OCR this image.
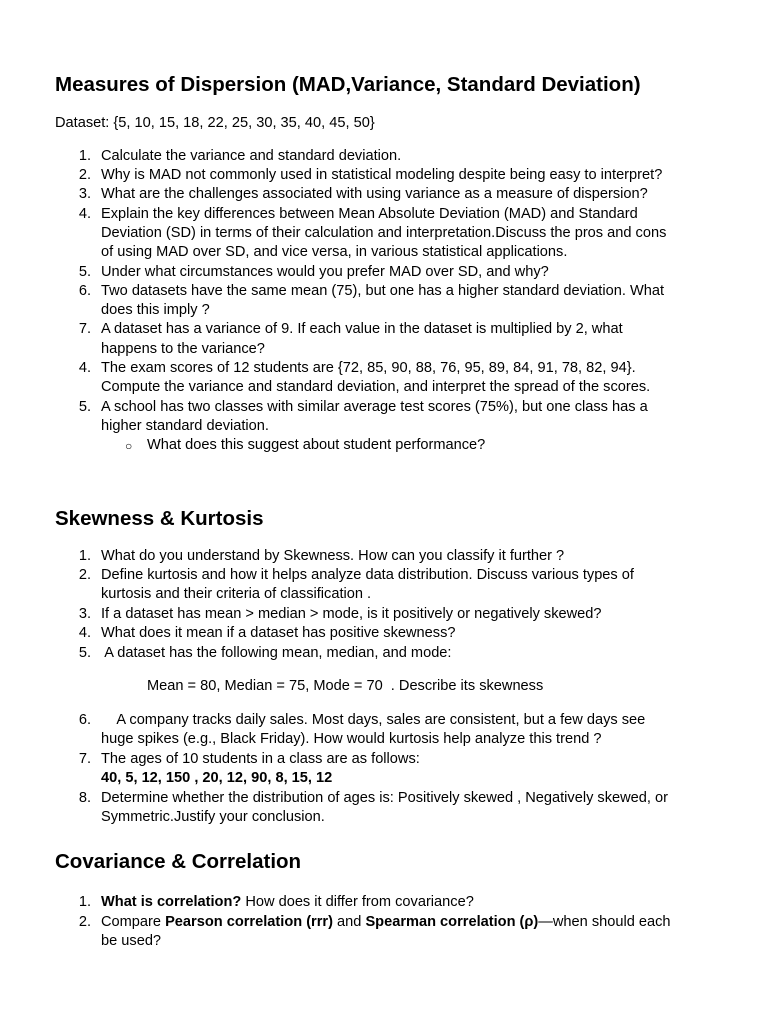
Measures of Dispersion (MAD,Variance, Standard Deviation)
Dataset: {5, 10, 15, 18, 22, 25, 30, 35, 40, 45, 50}
1. Calculate the variance and standard deviation.
2. Why is MAD not commonly used in statistical modeling despite being easy to interpret?
3. What are the challenges associated with using variance as a measure of dispersion?
4. Explain the key differences between Mean Absolute Deviation (MAD) and Standard
Deviation (SD) in terms of their calculation and interpretation.Discuss the pros and cons
of using MAD over SD, and vice versa, in various statistical applications.
5. Under what circumstances would you prefer MAD over SD, and why?
6. Two datasets have the same mean (75), but one has a higher standard deviation. What
does this imply ?
7. A dataset has a variance of 9. If each value in the dataset is multiplied by 2, what
happens to the variance?
4. The exam scores of 12 students are {72, 85, 90, 88, 76, 95, 89, 84, 91, 78, 82, 94}.
Compute the variance and standard deviation, and interpret the spread of the scores.
5. A school has two classes with similar average test scores (75%), but one class has a
higher standard deviation.
○ What does this suggest about student performance?
Skewness & Kurtosis
1. What do you understand by Skewness. How can you classify it further ?
2. Define kurtosis and how it helps analyze data distribution. Discuss various types of
kurtosis and their criteria of classification .
3. If a dataset has mean > median > mode, is it positively or negatively skewed?
4. What does it mean if a dataset has positive skewness?
5. A dataset has the following mean, median, and mode:
Mean = 80, Median = 75, Mode = 70  . Describe its skewness
6. A company tracks daily sales. Most days, sales are consistent, but a few days see
huge spikes (e.g., Black Friday). How would kurtosis help analyze this trend ?
7. The ages of 10 students in a class are as follows:
40, 5, 12, 150 , 20, 12, 90, 8, 15, 12
8. Determine whether the distribution of ages is: Positively skewed , Negatively skewed, or
Symmetric.Justify your conclusion.
Covariance & Correlation
1. What is correlation? How does it differ from covariance?
2. Compare Pearson correlation (rrr) and Spearman correlation (ρ)—when should each
be used?
